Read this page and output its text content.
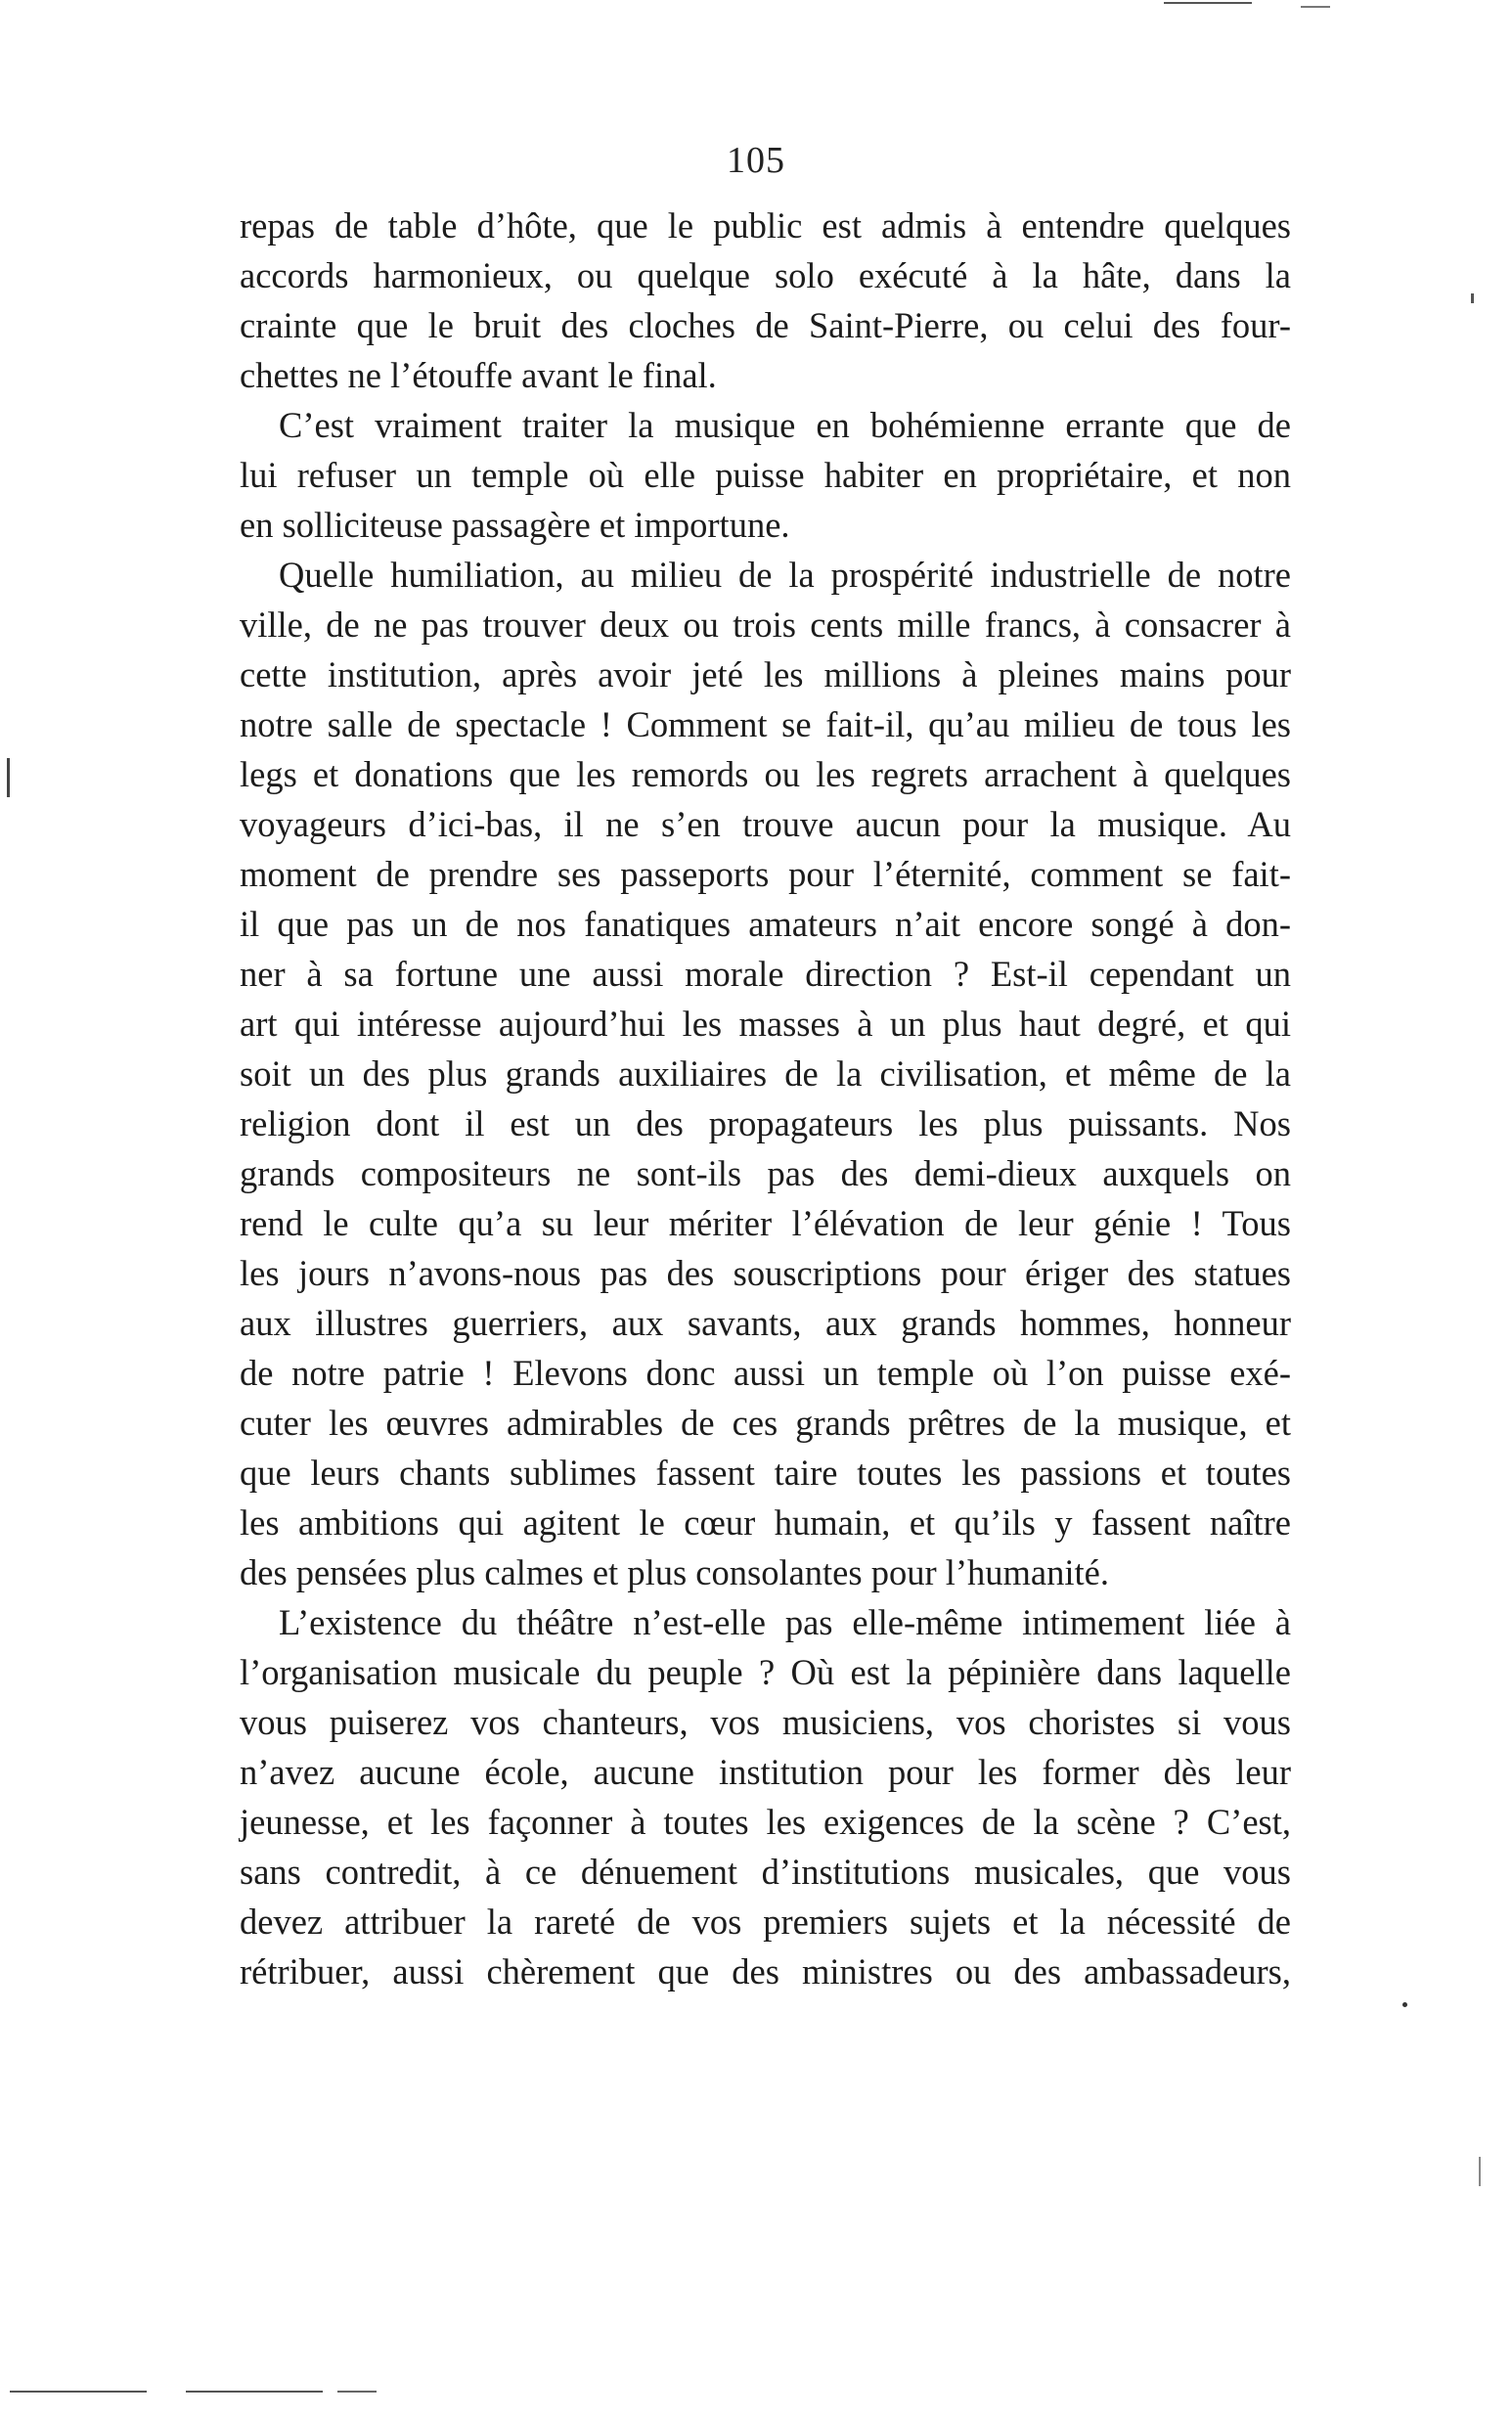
105
repas de table d’hôte, que le public est admis à entendre quelques
accords harmonieux, ou quelque solo exécuté à la hâte, dans la
crainte que le bruit des cloches de Saint-Pierre, ou celui des four-
chettes ne l’étouffe avant le final.
C’est vraiment traiter la musique en bohémienne errante que de
lui refuser un temple où elle puisse habiter en propriétaire, et non
en solliciteuse passagère et importune.
Quelle humiliation, au milieu de la prospérité industrielle de notre
ville, de ne pas trouver deux ou trois cents mille francs, à consacrer à
cette institution, après avoir jeté les millions à pleines mains pour
notre salle de spectacle ! Comment se fait-il, qu’au milieu de tous les
legs et donations que les remords ou les regrets arrachent à quelques
voyageurs d’ici-bas, il ne s’en trouve aucun pour la musique. Au
moment de prendre ses passeports pour l’éternité, comment se fait-
il que pas un de nos fanatiques amateurs n’ait encore songé à don-
ner à sa fortune une aussi morale direction ? Est-il cependant un
art qui intéresse aujourd’hui les masses à un plus haut degré, et qui
soit un des plus grands auxiliaires de la civilisation, et même de la
religion dont il est un des propagateurs les plus puissants. Nos
grands compositeurs ne sont-ils pas des demi-dieux auxquels on
rend le culte qu’a su leur mériter l’élévation de leur génie ! Tous
les jours n’avons-nous pas des souscriptions pour ériger des statues
aux illustres guerriers, aux savants, aux grands hommes, honneur
de notre patrie ! Elevons donc aussi un temple où l’on puisse exé-
cuter les œuvres admirables de ces grands prêtres de la musique, et
que leurs chants sublimes fassent taire toutes les passions et toutes
les ambitions qui agitent le cœur humain, et qu’ils y fassent naître
des pensées plus calmes et plus consolantes pour l’humanité.
L’existence du théâtre n’est-elle pas elle-même intimement liée à
l’organisation musicale du peuple ? Où est la pépinière dans laquelle
vous puiserez vos chanteurs, vos musiciens, vos choristes si vous
n’avez aucune école, aucune institution pour les former dès leur
jeunesse, et les façonner à toutes les exigences de la scène ? C’est,
sans contredit, à ce dénuement d’institutions musicales, que vous
devez attribuer la rareté de vos premiers sujets et la nécessité de
rétribuer, aussi chèrement que des ministres ou des ambassadeurs,
